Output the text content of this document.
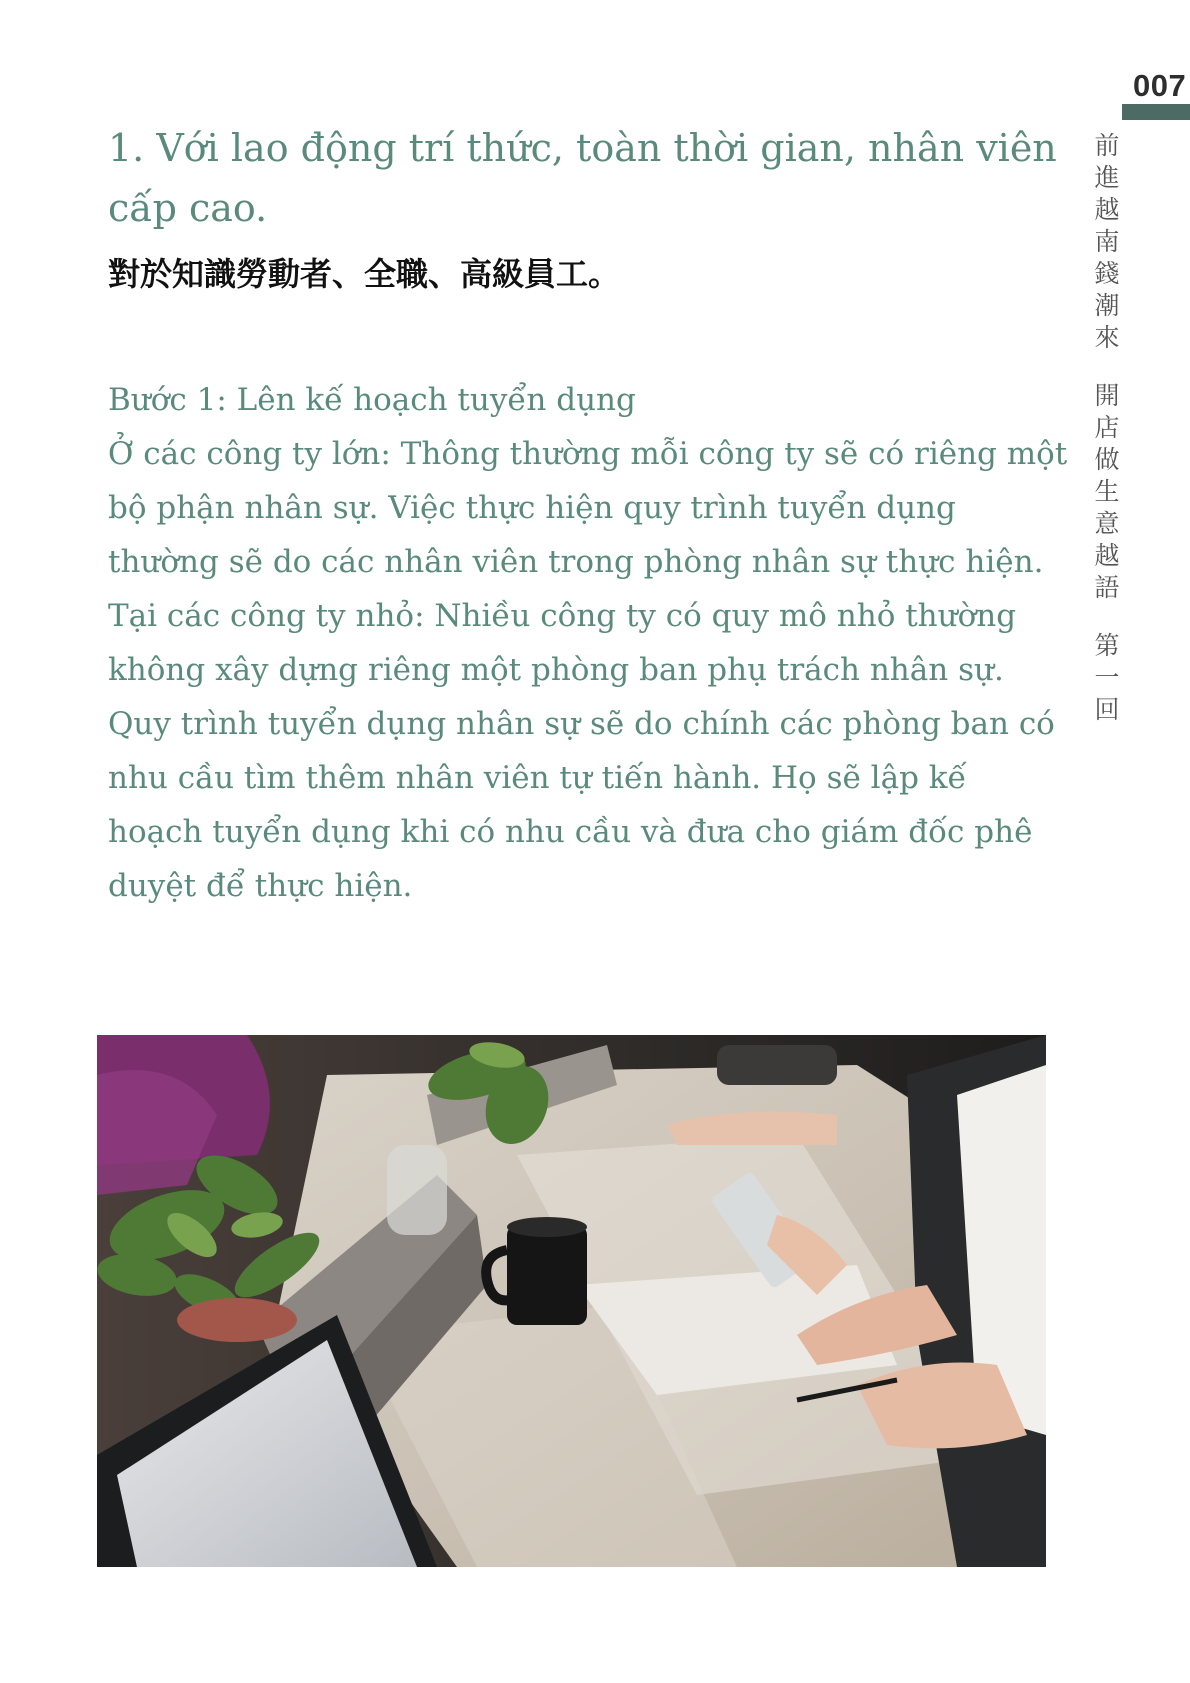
007
前
進
越
南
錢
潮
來
開
店
做
生
意
越
語
第
一
回
1. Với lao động trí thức, toàn thời gian, nhân viên cấp cao.
對於知識勞動者、全職、高級員工。

Bước 1: Lên kế hoạch tuyển dụng

Ở các công ty lớn: Thông thường mỗi công ty sẽ có riêng một bộ phận nhân sự. Việc thực hiện quy trình tuyển dụng thường sẽ do các nhân viên trong phòng nhân sự thực hiện.

Tại các công ty nhỏ: Nhiều công ty có quy mô nhỏ thường không xây dựng riêng một phòng ban phụ trách nhân sự. Quy trình tuyển dụng nhân sự sẽ do chính các phòng ban có nhu cầu tìm thêm nhân viên tự tiến hành. Họ sẽ lập kế hoạch tuyển dụng khi có nhu cầu và đưa cho giám đốc phê duyệt để thực hiện.
